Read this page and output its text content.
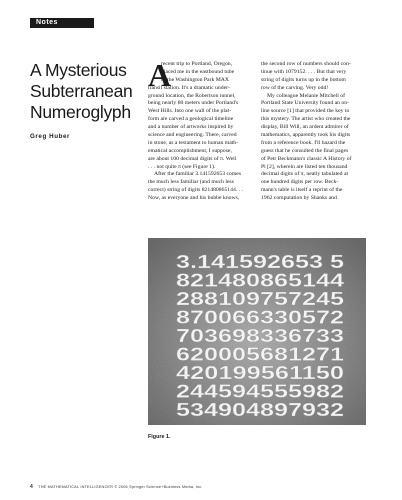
Notes
A Mysterious
Subterranean
Numeroglyph
Greg Huber
A
recent trip to Portland, Oregon,
placed me in the eastbound tube
of the Washington Park MAX
transit station. It's a dramatic under-
ground location, the Robertson tunnel,
being nearly 80 meters under Portland's
West Hills. Into one wall of the plat-
form are carved a geological timeline
and a number of artworks inspired by
science and engineering. There, carved
in stone, as a testament to human math-
ematical accomplishment, I suppose,
are about 100 decimal digits of π. Well
. . . not quite π (see Figure 1).
After the familiar 3.141592653 comes
the much less familiar (and much less
correct) string of digits 821480865144. . .
Now, as everyone and his bubbe knows,
the second row of numbers should con-
tinue with 1079152. . . . But that very
string of digits turns up in the bottom
row of the carving. Very odd!
My colleague Melanie Mitchell of
Portland State University found an on-
line source [1] that provided the key to
this mystery. The artist who created the
display, Bill Will, an ardent admirer of
mathematics, apparently took his digits
from a reference book. I'll hazard the
guess that he consulted the final pages
of Petr Beckmann's classic A History of
Pi [2], wherein are listed ten thousand
decimal digits of π, neatly tabulated at
one hundred digits per row. Beck-
mann's table is itself a reprint of the
1962 computation by Shanks and
3.141592653 5
821480865144
288109757245
870066330572
703698336733
620005681271
420199561150
244594555982
534904897932
Figure 1.
4 THE MATHEMATICAL INTELLIGENCER © 2006 Springer Science+Business Media, Inc.
